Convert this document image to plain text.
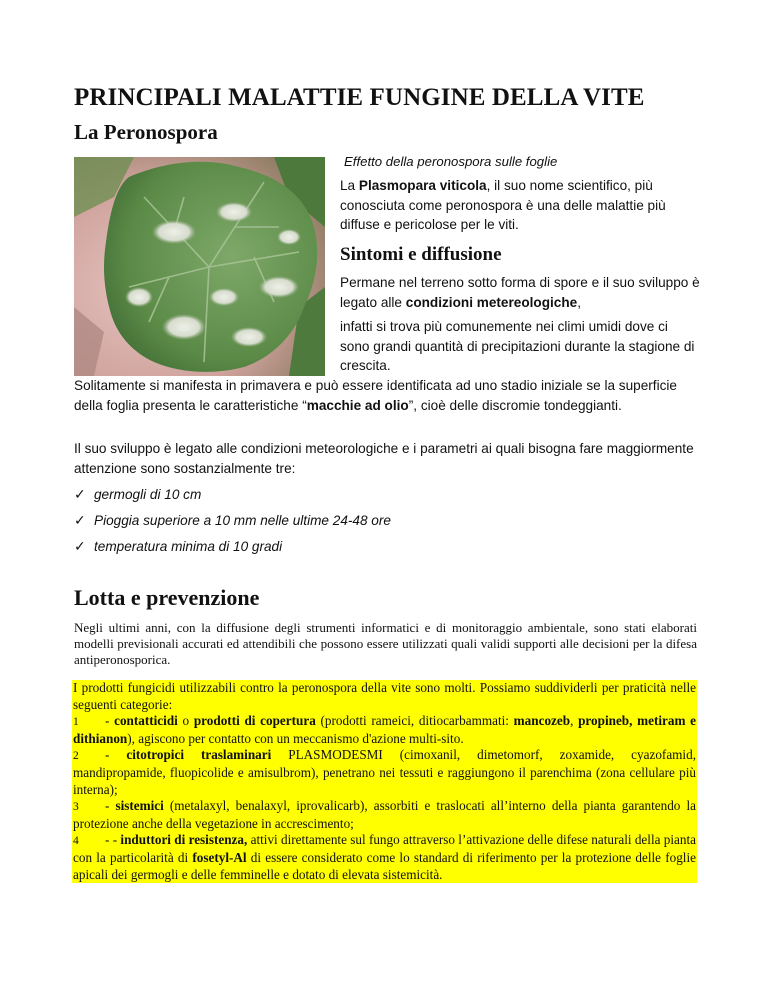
PRINCIPALI MALATTIE FUNGINE DELLA VITE
La Peronospora
Effetto della peronospora sulle foglie
La Plasmopara viticola, il suo nome scientifico, più conosciuta come peronospora è una delle malattie più diffuse e pericolose per le viti.
Sintomi e diffusione
Permane nel terreno sotto forma di spore e il suo sviluppo è legato alle condizioni metereologiche,
infatti si trova più comunemente nei climi umidi dove ci sono grandi quantità di precipitazioni durante la stagione di crescita.
Solitamente si manifesta in primavera e può essere identificata ad uno stadio iniziale se la superficie della foglia presenta le caratteristiche “macchie ad olio”, cioè delle discromie tondeggianti.
Il suo sviluppo è legato alle condizioni meteorologiche e i parametri ai quali bisogna fare maggiormente attenzione sono sostanzialmente tre:
✓ germogli di 10 cm
✓ Pioggia superiore a 10 mm nelle ultime 24-48 ore
✓ temperatura minima di 10 gradi
Lotta e prevenzione
Negli ultimi anni, con la diffusione degli strumenti informatici e di monitoraggio ambientale, sono stati elaborati modelli previsionali accurati ed attendibili che possono essere utilizzati quali validi supporti alle decisioni per la difesa antiperonosporica.

I prodotti fungicidi utilizzabili contro la peronospora della vite sono molti. Possiamo suddividerli per praticità nelle seguenti categorie:

1 - contatticidi o prodotti di copertura (prodotti rameici, ditiocarbammati: mancozeb, propineb, metiram e dithianon), agiscono per contatto con un meccanismo d'azione multi-sito.

2 - citotropici traslaminari PLASMODESMI (cimoxanil, dimetomorf, zoxamide, cyazofamid, mandipropamide, fluopicolide e amisulbrom), penetrano nei tessuti e raggiungono il parenchima (zona cellulare più interna);

3 - sistemici (metalaxyl, benalaxyl, iprovalicarb), assorbiti e traslocati all’interno della pianta garantendo la protezione anche della vegetazione in accrescimento;

4 - - induttori di resistenza, attivi direttamente sul fungo attraverso l’attivazione delle difese naturali della pianta con la particolarità di fosetyl-Al di essere considerato come lo standard di riferimento per la protezione delle foglie apicali dei germogli e delle femminelle e dotato di elevata sistemicità.
